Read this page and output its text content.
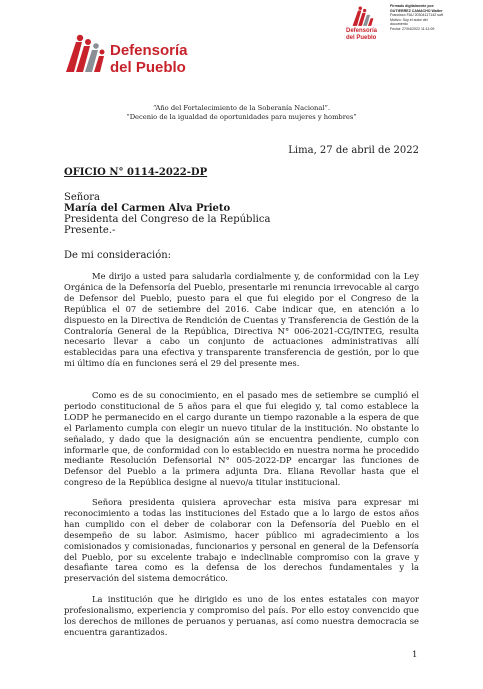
Defensoría
del Pueblo
Defensoría
del Pueblo
Firmado digitalmente por:
GUTIERREZ CAMACHO Walter
Francisco FAU 20304117142 soft
Motivo: Soy el autor del
documento
Fecha: 27/04/2022 11:11:09
“Año del Fortalecimiento de la Soberanía Nacional”.
“Decenio de la igualdad de oportunidades para mujeres y hombres”
Lima, 27 de abril de 2022
OFICIO N° 0114-2022-DP
Señora
María del Carmen Alva Prieto
Presidenta del Congreso de la República
Presente.-
De mi consideración:
Me dirijo a usted para saludarla cordialmente y, de conformidad con la Ley Orgánica de la Defensoría del Pueblo, presentarle mi renuncia irrevocable al cargo de Defensor del Pueblo, puesto para el que fui elegido por el Congreso de la República el 07 de setiembre del 2016. Cabe indicar que, en atención a lo dispuesto en la Directiva de Rendición de Cuentas y Transferencia de Gestión de la Contraloría General de la República, Directiva N° 006-2021-CG/INTEG, resulta necesario llevar a cabo un conjunto de actuaciones administrativas allí establecidas para una efectiva y transparente transferencia de gestión, por lo que mi último día en funciones será el 29 del presente mes.
Como es de su conocimiento, en el pasado mes de setiembre se cumplió el periodo constitucional de 5 años para el que fui elegido y, tal como establece la LODP he permanecido en el cargo durante un tiempo razonable a la espera de que el Parlamento cumpla con elegir un nuevo titular de la institución. No obstante lo señalado, y dado que la designación aún se encuentra pendiente, cumplo con informarle que, de conformidad con lo establecido en nuestra norma he procedido mediante Resolución Defensorial N° 005-2022-DP encargar las funciones de Defensor del Pueblo a la primera adjunta Dra. Eliana Revollar hasta que el congreso de la República designe al nuevo/a titular institucional.
Señora presidenta quisiera aprovechar esta misiva para expresar mi reconocimiento a todas las instituciones del Estado que a lo largo de estos años han cumplido con el deber de colaborar con la Defensoría del Pueblo en el desempeño de su labor. Asimismo, hacer público mi agradecimiento a los comisionados y comisionadas, funcionarios y personal en general de la Defensoría del Pueblo, por su excelente trabajo e indeclinable compromiso con la grave y desafiante tarea como es la defensa de los derechos fundamentales y la preservación del sistema democrático.
La institución que he dirigido es uno de los entes estatales con mayor profesionalismo, experiencia y compromiso del país. Por ello estoy convencido que los derechos de millones de peruanos y peruanas, así como nuestra democracia se encuentra garantizados.
1
